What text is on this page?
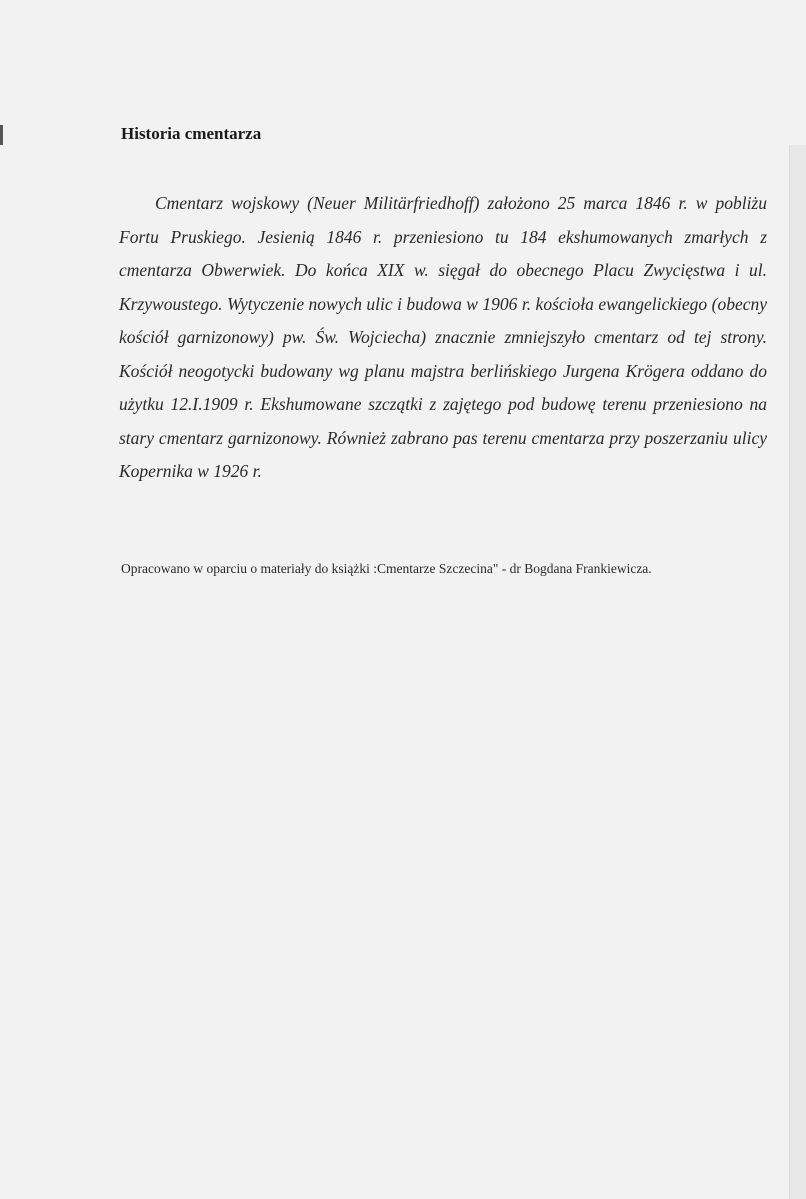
Historia cmentarza

Cmentarz wojskowy (Neuer Militärfriedhoff) założono 25 marca 1846 r. w pobliżu Fortu Pruskiego. Jesienią 1846 r. przeniesiono tu 184 ekshumowanych zmarłych z cmentarza Obwerwiek. Do końca XIX w. sięgał do obecnego Placu Zwycięstwa i ul. Krzywoustego. Wytyczenie nowych ulic i budowa w 1906 r. kościoła ewangelickiego (obecny kościół garnizonowy) pw. Św. Wojciecha) znacznie zmniejszyło cmentarz od tej strony. Kościół neogotycki budowany wg planu majstra berlińskiego Jurgena Krögera oddano do użytku 12.I.1909 r. Ekshumowane szczątki z zajętego pod budowę terenu przeniesiono na stary cmentarz garnizonowy. Również zabrano pas terenu cmentarza przy poszerzaniu ulicy Kopernika w 1926 r.

Opracowano w oparciu o materiały do książki :Cmentarze Szczecina" - dr Bogdana Frankiewicza.
